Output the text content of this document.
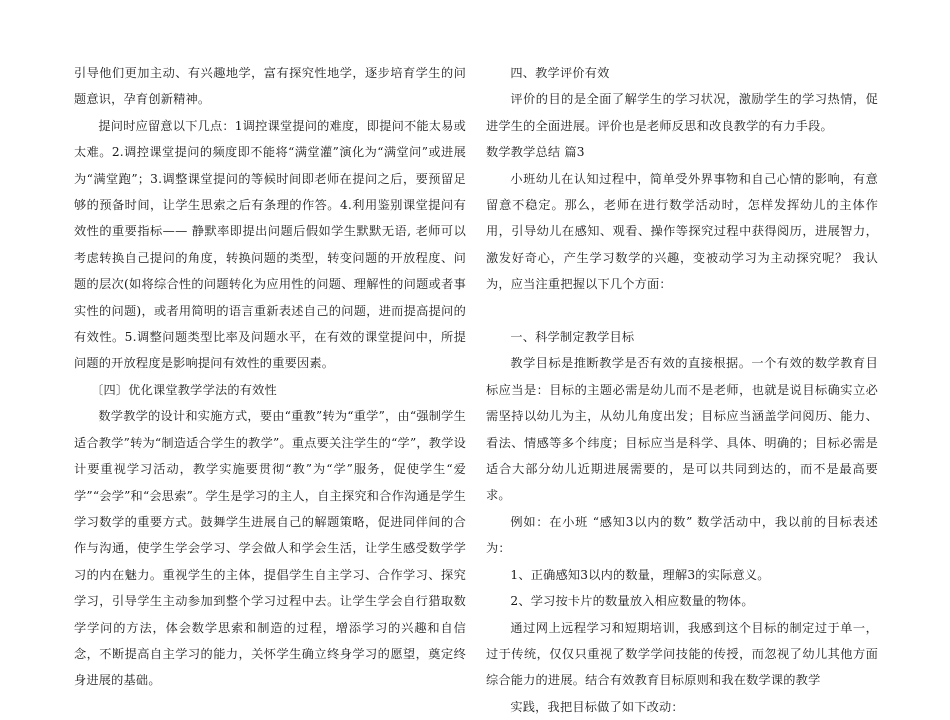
引导他们更加主动、有兴趣地学，富有探究性地学，逐步培育学生的问题意识，孕育创新精神。

提问时应留意以下几点：1调控课堂提问的难度，即提问不能太易或太难。2.调控课堂提问的频度即不能将“满堂灌”演化为“满堂问”或进展为“满堂跑”；3.调整课堂提问的等候时间即老师在提问之后，要预留足够的预备时间，让学生思索之后有条理的作答。4.利用鉴别课堂提问有效性的重要指标—— 静默率即提出问题后假如学生默默无语, 老师可以考虑转换自己提问的角度，转换问题的类型，转变问题的开放程度、问题的层次(如将综合性的问题转化为应用性的问题、理解性的问题或者事实性的问题)，或者用简明的语言重新表述自己的问题，进而提高提问的有效性。5.调整问题类型比率及问题水平，在有效的课堂提问中，所提问题的开放程度是影响提问有效性的重要因素。

〔四〕优化课堂教学学法的有效性

数学教学的设计和实施方式，要由“重教”转为“重学”，由“强制学生适合教学”转为“制造适合学生的教学”。重点要关注学生的“学”，教学设计要重视学习活动，教学实施要贯彻“教”为“学”服务，促使学生“爱学”“会学”和“会思索”。学生是学习的主人，自主探究和合作沟通是学生学习数学的重要方式。鼓舞学生进展自己的解题策略，促进同伴间的合作与沟通，使学生学会学习、学会做人和学会生活，让学生感受数学学习的内在魅力。重视学生的主体，提倡学生自主学习、合作学习、探究学习，引导学生主动参加到整个学习过程中去。让学生学会自行猎取数学学问的方法，体会数学思索和制造的过程，增添学习的兴趣和自信念，不断提高自主学习的能力，关怀学生确立终身学习的愿望，奠定终身进展的基础。

四、教学评价有效

评价的目的是全面了解学生的学习状况，激励学生的学习热情，促进学生的全面进展。评价也是老师反思和改良教学的有力手段。

数学教学总结 篇3

小班幼儿在认知过程中，简单受外界事物和自己心情的影响，有意留意不稳定。那么，老师在进行数学活动时，怎样发挥幼儿的主体作用，引导幼儿在感知、观看、操作等探究过程中获得阅历，进展智力，激发好奇心，产生学习数学的兴趣，变被动学习为主动探究呢？ 我认为，应当注重把握以下几个方面：

一、科学制定教学目标

教学目标是推断教学是否有效的直接根据。一个有效的数学教育目标应当是：目标的主题必需是幼儿而不是老师，也就是说目标确实立必需坚持以幼儿为主，从幼儿角度出发；目标应当涵盖学问阅历、能力、看法、情感等多个纬度；目标应当是科学、具体、明确的；目标必需是适合大部分幼儿近期进展需要的，是可以共同到达的，而不是最高要求。

例如：在小班 “感知3以内的数” 数学活动中，我以前的目标表述为：

1、正确感知3以内的数量，理解3的实际意义。

2、学习按卡片的数量放入相应数量的物体。

通过网上远程学习和短期培训，我感到这个目标的制定过于单一，过于传统，仅仅只重视了数学学问技能的传授，而忽视了幼儿其他方面综合能力的进展。结合有效教育目标原则和我在数学课的教学

实践，我把目标做了如下改动：
